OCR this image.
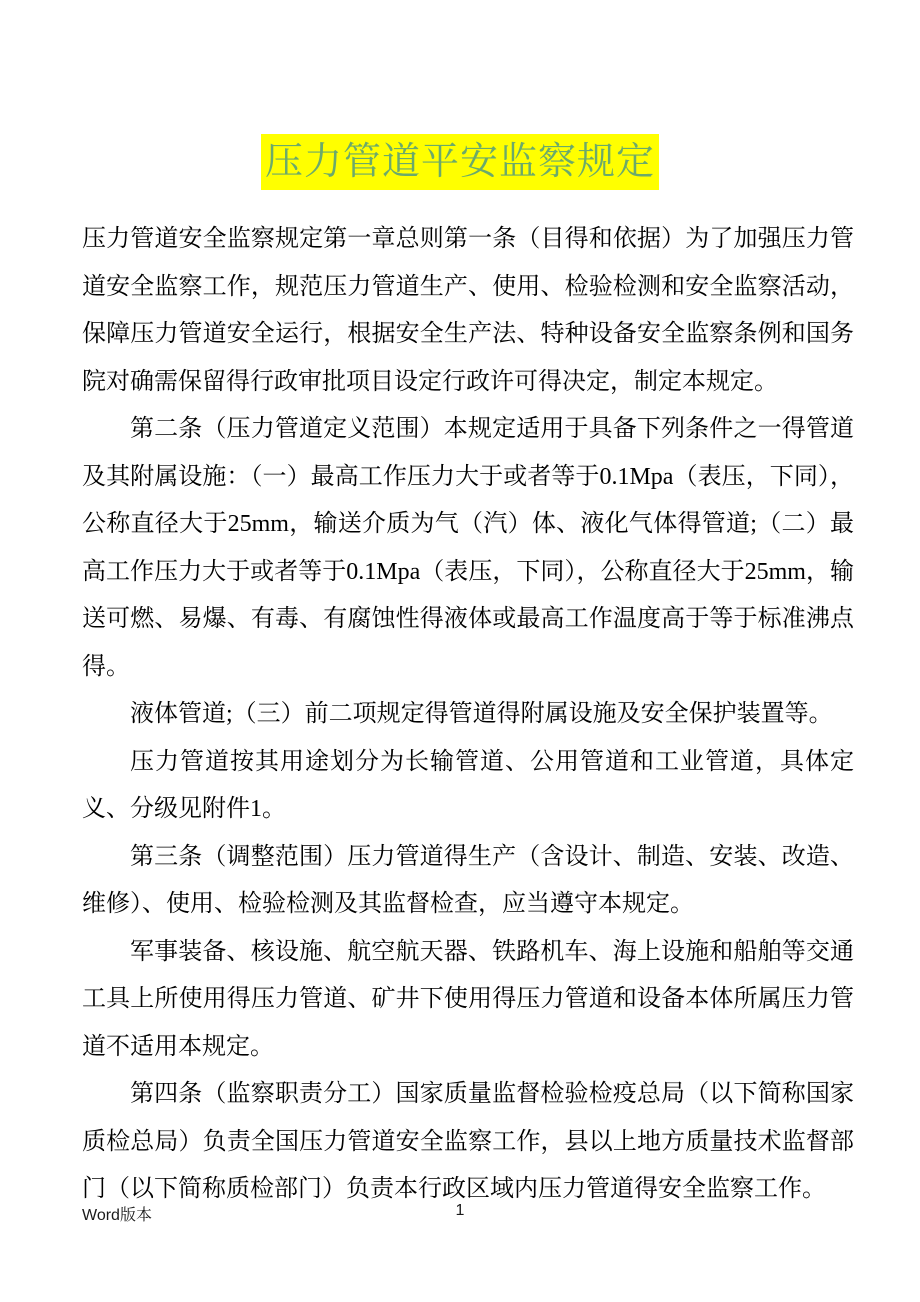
压力管道平安监察规定

压力管道安全监察规定第一章总则第一条（目得和依据）为了加强压力管道安全监察工作，规范压力管道生产、使用、检验检测和安全监察活动，保障压力管道安全运行，根据安全生产法、特种设备安全监察条例和国务院对确需保留得行政审批项目设定行政许可得决定，制定本规定。

第二条（压力管道定义范围）本规定适用于具备下列条件之一得管道及其附属设施：（一）最高工作压力大于或者等于0.1Mpa（表压，下同），公称直径大于25mm，输送介质为气（汽）体、液化气体得管道;（二）最高工作压力大于或者等于0.1Mpa（表压，下同），公称直径大于25mm，输送可燃、易爆、有毒、有腐蚀性得液体或最高工作温度高于等于标准沸点得。

液体管道;（三）前二项规定得管道得附属设施及安全保护装置等。

压力管道按其用途划分为长输管道、公用管道和工业管道，具体定义、分级见附件1。

第三条（调整范围）压力管道得生产（含设计、制造、安装、改造、维修）、使用、检验检测及其监督检查，应当遵守本规定。

军事装备、核设施、航空航天器、铁路机车、海上设施和船舶等交通工具上所使用得压力管道、矿井下使用得压力管道和设备本体所属压力管道不适用本规定。

第四条（监察职责分工）国家质量监督检验检疫总局（以下简称国家质检总局）负责全国压力管道安全监察工作，县以上地方质量技术监督部门（以下简称质检部门）负责本行政区域内压力管道得安全监察工作。

Word版本	1
